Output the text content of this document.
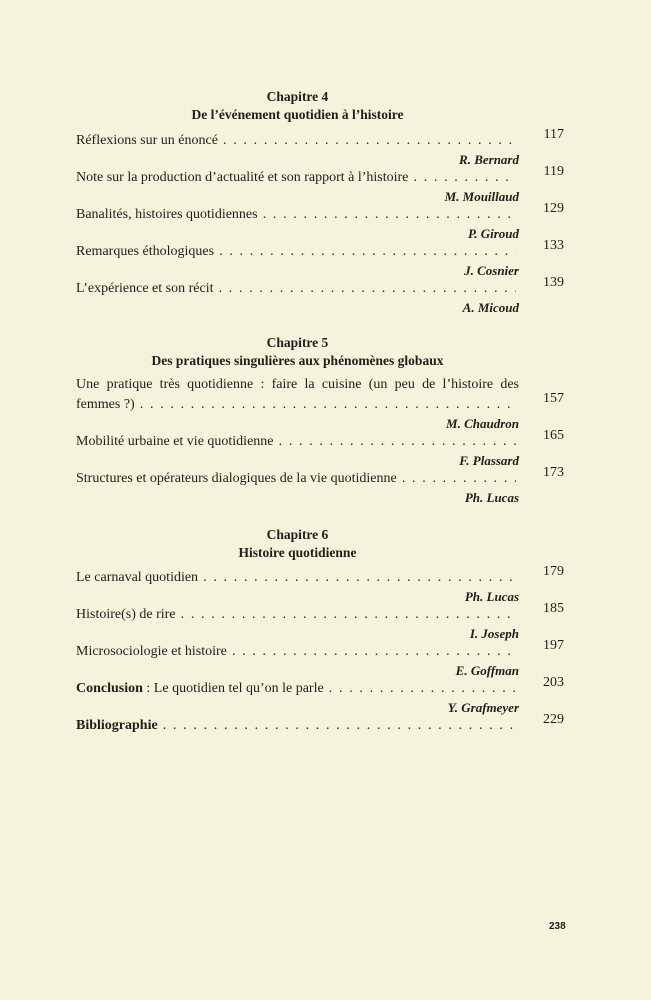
Chapitre 4
De l’événement quotidien à l’histoire
Réflexions sur un énoncé . . .	117
R. Bernard
Note sur la production d’actualité et son rapport à l’histoire . . .	119
M. Mouillaud
Banalités, histoires quotidiennes . . .	129
P. Giroud
Remarques éthologiques . . .	133
J. Cosnier
L’expérience et son récit . . .	139
A. Micoud
Chapitre 5
Des pratiques singulières aux phénomènes globaux
Une pratique très quotidienne : faire la cuisine (un peu de l’histoire des
femmes ?) . . .	157
M. Chaudron
Mobilité urbaine et vie quotidienne . . .	165
F. Plassard
Structures et opérateurs dialogiques de la vie quotidienne . . .	173
Ph. Lucas
Chapitre 6
Histoire quotidienne
Le carnaval quotidien . . .	179
Ph. Lucas
Histoire(s) de rire . . .	185
I. Joseph
Microsociologie et histoire . . .	197
E. Goffman
Conclusion : Le quotidien tel qu’on le parle . . .	203
Y. Grafmeyer
Bibliographie . . .	229
238
